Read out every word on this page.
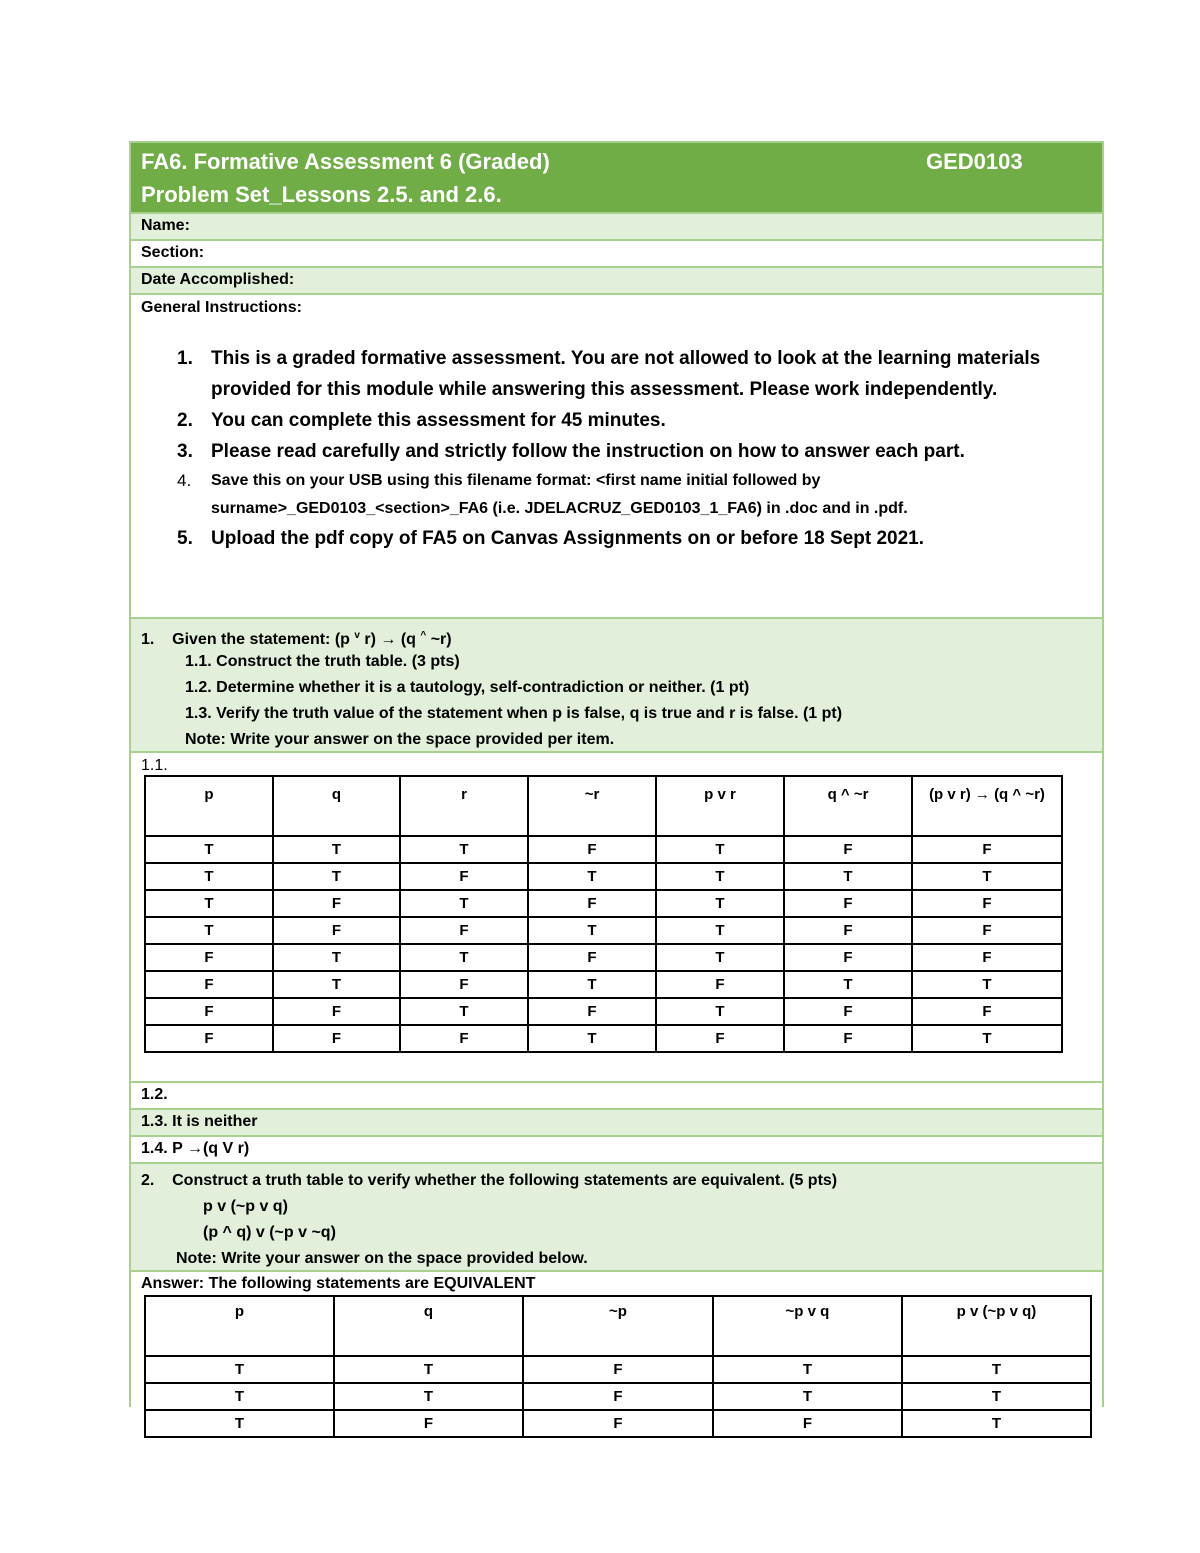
FA6. Formative Assessment 6 (Graded)
Problem Set_Lessons 2.5. and 2.6.
GED0103
Name:
Section:
Date Accomplished:
General Instructions:
1. This is a graded formative assessment. You are not allowed to look at the learning materials provided for this module while answering this assessment. Please work independently.
2. You can complete this assessment for 45 minutes.
3. Please read carefully and strictly follow the instruction on how to answer each part.
4. Save this on your USB using this filename format: <first name initial followed by surname>_GED0103_<section>_FA6 (i.e. JDELACRUZ_GED0103_1_FA6) in .doc and in .pdf.
5. Upload the pdf copy of FA5 on Canvas Assignments on or before 18 Sept 2021.
1. Given the statement: (p $^v$ r) → (q ^ ~r)
1.1. Construct the truth table. (3 pts)
1.2. Determine whether it is a tautology, self-contradiction or neither. (1 pt)
1.3. Verify the truth value of the statement when p is false, q is true and r is false. (1 pt)
Note: Write your answer on the space provided per item.
1.1.
p	q	r	~r	p v r	q ^ ~r	(p v r) → (q ^ ~r)
T	T	T	F	T	F	F
T	T	F	T	T	T	T
T	F	T	F	T	F	F
T	F	F	T	T	F	F
F	T	T	F	T	F	F
F	T	F	T	F	T	T
F	F	T	F	T	F	F
F	F	F	T	F	F	T
1.2.
1.3. It is neither
1.4. P →(q V r)
2. Construct a truth table to verify whether the following statements are equivalent. (5 pts)
p v (~p v q)
(p ^ q) v (~p v ~q)
Note: Write your answer on the space provided below.
Answer: The following statements are EQUIVALENT
p	q	~p	~p v q	p v (~p v q)
T	T	F	T	T
T	T	F	T	T
T	F	F	F	T
